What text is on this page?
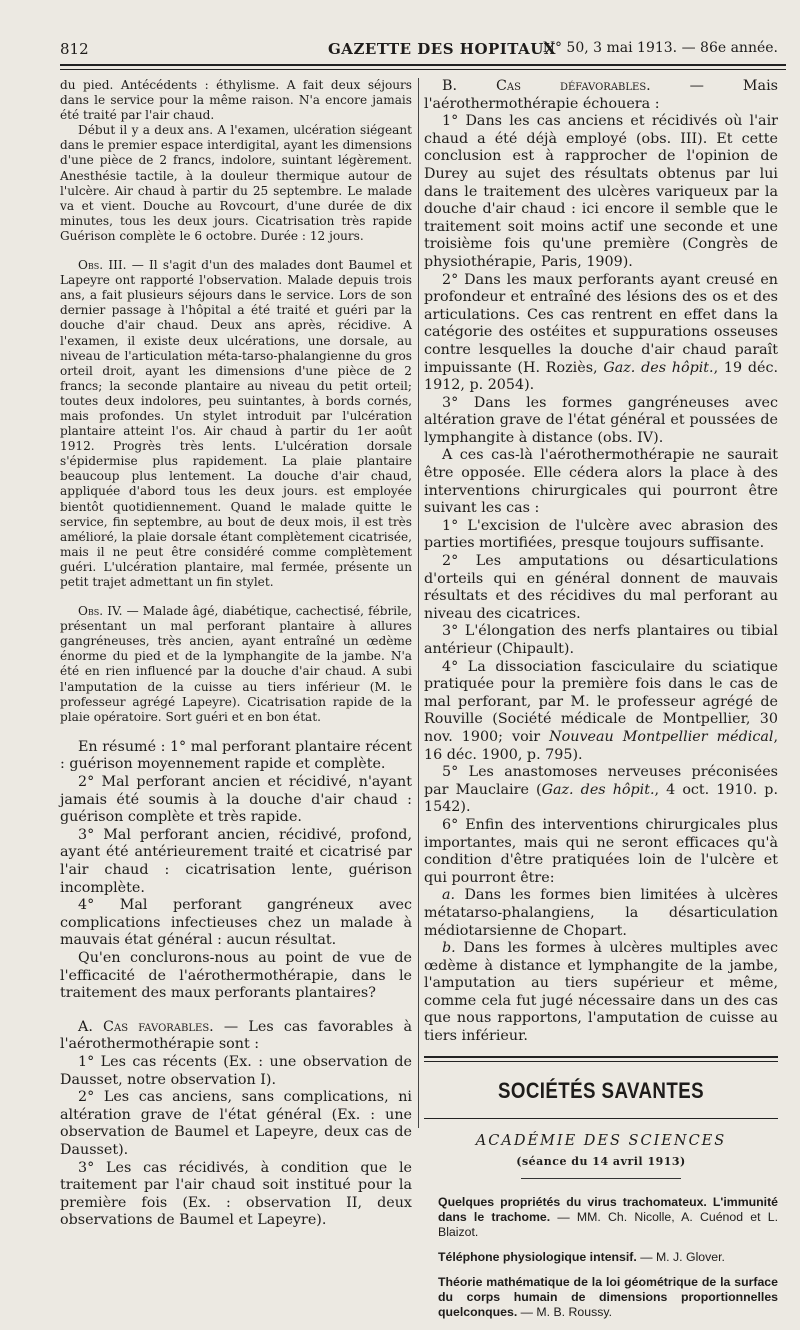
812	GAZETTE DES HOPITAUX
N° 50, 3 mai 1913. — 86e année.

du pied. Antécédents : éthylisme. A fait deux séjours dans le service pour la même raison. N'a encore jamais été traité par l'air chaud.

Début il y a deux ans. A l'examen, ulcération siégeant dans le premier espace interdigital, ayant les dimensions d'une pièce de 2 francs, indolore, suintant légèrement. Anesthésie tactile, à la douleur thermique autour de l'ulcère. Air chaud à partir du 25 septembre. Le malade va et vient. Douche au Rovcourt, d'une durée de dix minutes, tous les deux jours. Cicatrisation très rapide Guérison complète le 6 octobre. Durée : 12 jours.

Obs. III. — Il s'agit d'un des malades dont Baumel et Lapeyre ont rapporté l'observation. Malade depuis trois ans, a fait plusieurs séjours dans le service. Lors de son dernier passage à l'hôpital a été traité et guéri par la douche d'air chaud. Deux ans après, récidive. A l'examen, il existe deux ulcérations, une dorsale, au niveau de l'articulation méta-tarso-phalangienne du gros orteil droit, ayant les dimensions d'une pièce de 2 francs; la seconde plantaire au niveau du petit orteil; toutes deux indolores, peu suintantes, à bords cornés, mais profondes. Un stylet introduit par l'ulcération plantaire atteint l'os. Air chaud à partir du 1er août 1912. Progrès très lents. L'ulcération dorsale s'épidermise plus rapidement. La plaie plantaire beaucoup plus lentement. La douche d'air chaud, appliquée d'abord tous les deux jours. est employée bientôt quotidiennement. Quand le malade quitte le service, fin septembre, au bout de deux mois, il est très amélioré, la plaie dorsale étant complètement cicatrisée, mais il ne peut être considéré comme complètement guéri. L'ulcération plantaire, mal fermée, présente un petit trajet admettant un fin stylet.

Obs. IV. — Malade âgé, diabétique, cachectisé, fébrile, présentant un mal perforant plantaire à allures gangréneuses, très ancien, ayant entraîné un œdème énorme du pied et de la lymphangite de la jambe. N'a été en rien influencé par la douche d'air chaud. A subi l'amputation de la cuisse au tiers inférieur (M. le professeur agrégé Lapeyre). Cicatrisation rapide de la plaie opératoire. Sort guéri et en bon état.

En résumé : 1° mal perforant plantaire récent : guérison moyennement rapide et complète.

2° Mal perforant ancien et récidivé, n'ayant jamais été soumis à la douche d'air chaud : guérison complète et très rapide.

3° Mal perforant ancien, récidivé, profond, ayant été antérieurement traité et cicatrisé par l'air chaud : cicatrisation lente, guérison incomplète.

4° Mal perforant gangréneux avec complications infectieuses chez un malade à mauvais état général : aucun résultat.

Qu'en conclurons-nous au point de vue de l'efficacité de l'aérothermothérapie, dans le traitement des maux perforants plantaires?

A. Cas favorables. — Les cas favorables à l'aérothermothérapie sont :

1° Les cas récents (Ex. : une observation de Dausset, notre observation I).

2° Les cas anciens, sans complications, ni altération grave de l'état général (Ex. : une observation de Baumel et Lapeyre, deux cas de Dausset).

3° Les cas récidivés, à condition que le traitement par l'air chaud soit institué pour la première fois (Ex. : observation II, deux observations de Baumel et Lapeyre).

B. Cas défavorables. — Mais l'aérothermothérapie échouera :

1° Dans les cas anciens et récidivés où l'air chaud a été déjà employé (obs. III). Et cette conclusion est à rapprocher de l'opinion de Durey au sujet des résultats obtenus par lui dans le traitement des ulcères variqueux par la douche d'air chaud : ici encore il semble que le traitement soit moins actif une seconde et une troisième fois qu'une première (Congrès de physiothérapie, Paris, 1909).

2° Dans les maux perforants ayant creusé en profondeur et entraîné des lésions des os et des articulations. Ces cas rentrent en effet dans la catégorie des ostéites et suppurations osseuses contre lesquelles la douche d'air chaud paraît impuissante (H. Roziès, Gaz. des hôpit., 19 déc. 1912, p. 2054).

3° Dans les formes gangréneuses avec altération grave de l'état général et poussées de lymphangite à distance (obs. IV).

A ces cas-là l'aérothermothérapie ne saurait être opposée. Elle cédera alors la place à des interventions chirurgicales qui pourront être suivant les cas :

1° L'excision de l'ulcère avec abrasion des parties mortifiées, presque toujours suffisante.

2° Les amputations ou désarticulations d'orteils qui en général donnent de mauvais résultats et des récidives du mal perforant au niveau des cicatrices.

3° L'élongation des nerfs plantaires ou tibial antérieur (Chipault).

4° La dissociation fasciculaire du sciatique pratiquée pour la première fois dans le cas de mal perforant, par M. le professeur agrégé de Rouville (Société médicale de Montpellier, 30 nov. 1900; voir Nouveau Montpellier médical, 16 déc. 1900, p. 795).

5° Les anastomoses nerveuses préconisées par Mauclaire (Gaz. des hôpit., 4 oct. 1910. p. 1542).

6° Enfin des interventions chirurgicales plus importantes, mais qui ne seront efficaces qu'à condition d'être pratiquées loin de l'ulcère et qui pourront être:

a. Dans les formes bien limitées à ulcères métatarso-phalangiens, la désarticulation médiotarsienne de Chopart.

b. Dans les formes à ulcères multiples avec œdème à distance et lymphangite de la jambe, l'amputation au tiers supérieur et même, comme cela fut jugé nécessaire dans un des cas que nous rapportons, l'amputation de cuisse au tiers inférieur.

SOCIÉTÉS SAVANTES
ACADÉMIE DES SCIENCES
(séance du 14 avril 1913)

Quelques propriétés du virus trachomateux. L'immunité dans le trachome. — MM. Ch. Nicolle, A. Cuénod et L. Blaizot.

Téléphone physiologique intensif. — M. J. Glover.

Théorie mathématique de la loi géométrique de la surface du corps humain de dimensions proportionnelles quelconques. — M. B. Roussy.
